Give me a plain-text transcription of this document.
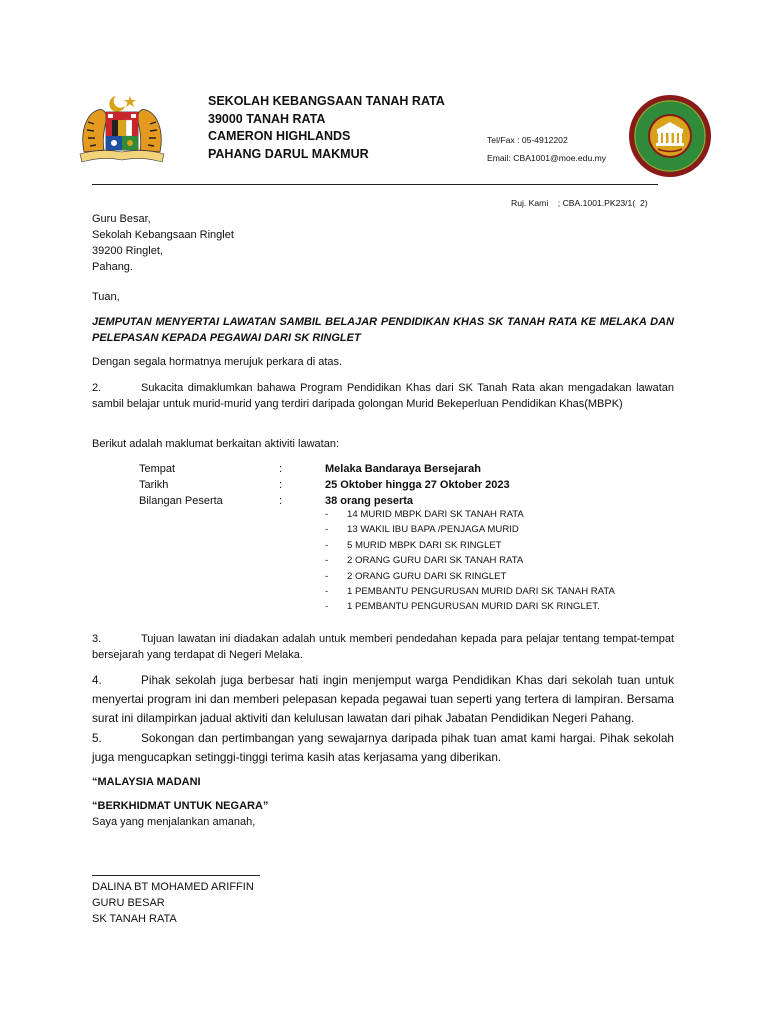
SEKOLAH KEBANGSAAN TANAH RATA
39000 TANAH RATA
CAMERON HIGHLANDS
PAHANG DARUL MAKMUR
Tel/Fax : 05-4912202
Email: CBA1001@moe.edu.my
Ruj. Kami    ; CBA.1001.PK23/1(  2)
Guru Besar,
Sekolah Kebangsaan Ringlet
39200 Ringlet,
Pahang.
Tuan,
JEMPUTAN MENYERTAI LAWATAN SAMBIL BELAJAR PENDIDIKAN KHAS SK TANAH RATA KE MELAKA DAN PELEPASAN KEPADA PEGAWAI DARI SK RINGLET
Dengan segala hormatnya merujuk perkara di atas.
2.	Sukacita dimaklumkan bahawa Program Pendidikan Khas dari SK Tanah Rata akan mengadakan lawatan sambil belajar untuk murid-murid yang terdiri daripada golongan Murid Bekeperluan Pendidikan Khas(MBPK)
Berikut adalah maklumat berkaitan aktiviti lawatan:
Tempat	:	Melaka Bandaraya Bersejarah
Tarikh	:	25 Oktober hingga 27 Oktober 2023
Bilangan Peserta	:	38 orang peserta
-	14 MURID MBPK DARI SK TANAH RATA
-	13 WAKIL IBU BAPA /PENJAGA MURID
-	5 MURID MBPK DARI SK RINGLET
-	2 ORANG GURU DARI SK TANAH RATA
-	2 ORANG GURU DARI SK RINGLET
-	1 PEMBANTU PENGURUSAN MURID DARI SK TANAH RATA
-	1 PEMBANTU PENGURUSAN MURID DARI SK RINGLET.
3.	Tujuan lawatan ini diadakan adalah untuk memberi pendedahan kepada para pelajar tentang tempat-tempat bersejarah yang terdapat di Negeri Melaka.
4.	Pihak sekolah juga berbesar hati ingin menjemput warga Pendidikan Khas dari sekolah tuan untuk menyertai program ini dan memberi pelepasan kepada pegawai tuan seperti yang tertera di lampiran. Bersama surat ini dilampirkan jadual aktiviti dan kelulusan lawatan dari pihak Jabatan Pendidikan Negeri Pahang.
5.	Sokongan dan pertimbangan yang sewajarnya daripada pihak tuan amat kami hargai. Pihak sekolah juga mengucapkan setinggi-tinggi terima kasih atas kerjasama yang diberikan.
“MALAYSIA MADANI
“BERKHIDMAT UNTUK NEGARA”
Saya yang menjalankan amanah,
DALINA BT MOHAMED ARIFFIN
GURU BESAR
SK TANAH RATA
